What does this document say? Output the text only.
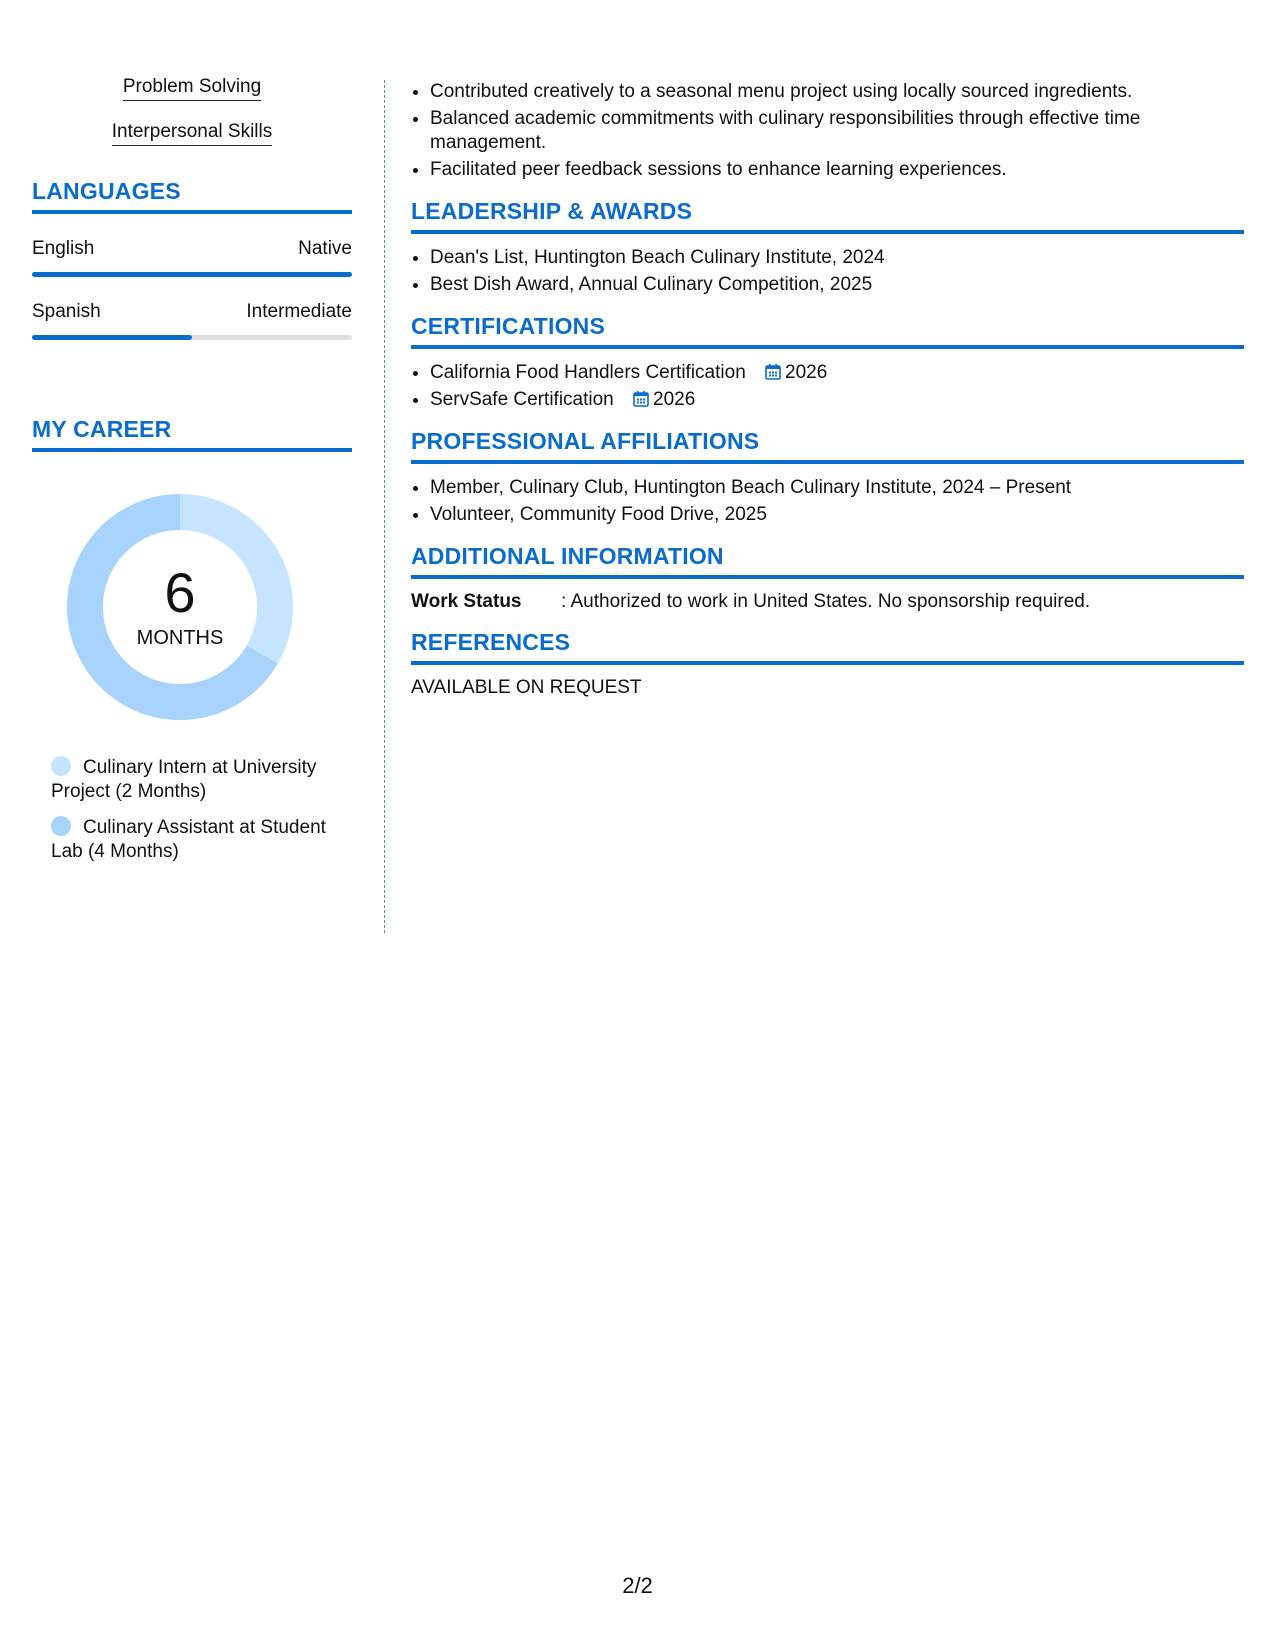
Problem Solving
Interpersonal Skills
LANGUAGES
English	Native
Spanish	Intermediate
MY CAREER
6
MONTHS
Culinary Intern at University Project (2 Months)
Culinary Assistant at Student Lab (4 Months)
• Contributed creatively to a seasonal menu project using locally sourced ingredients.
• Balanced academic commitments with culinary responsibilities through effective time management.
• Facilitated peer feedback sessions to enhance learning experiences.
LEADERSHIP & AWARDS
• Dean's List, Huntington Beach Culinary Institute, 2024
• Best Dish Award, Annual Culinary Competition, 2025
CERTIFICATIONS
• California Food Handlers Certification 2026
• ServSafe Certification 2026
PROFESSIONAL AFFILIATIONS
• Member, Culinary Club, Huntington Beach Culinary Institute, 2024 – Present
• Volunteer, Community Food Drive, 2025
ADDITIONAL INFORMATION
Work Status	: Authorized to work in United States. No sponsorship required.
REFERENCES
AVAILABLE ON REQUEST
2/2
